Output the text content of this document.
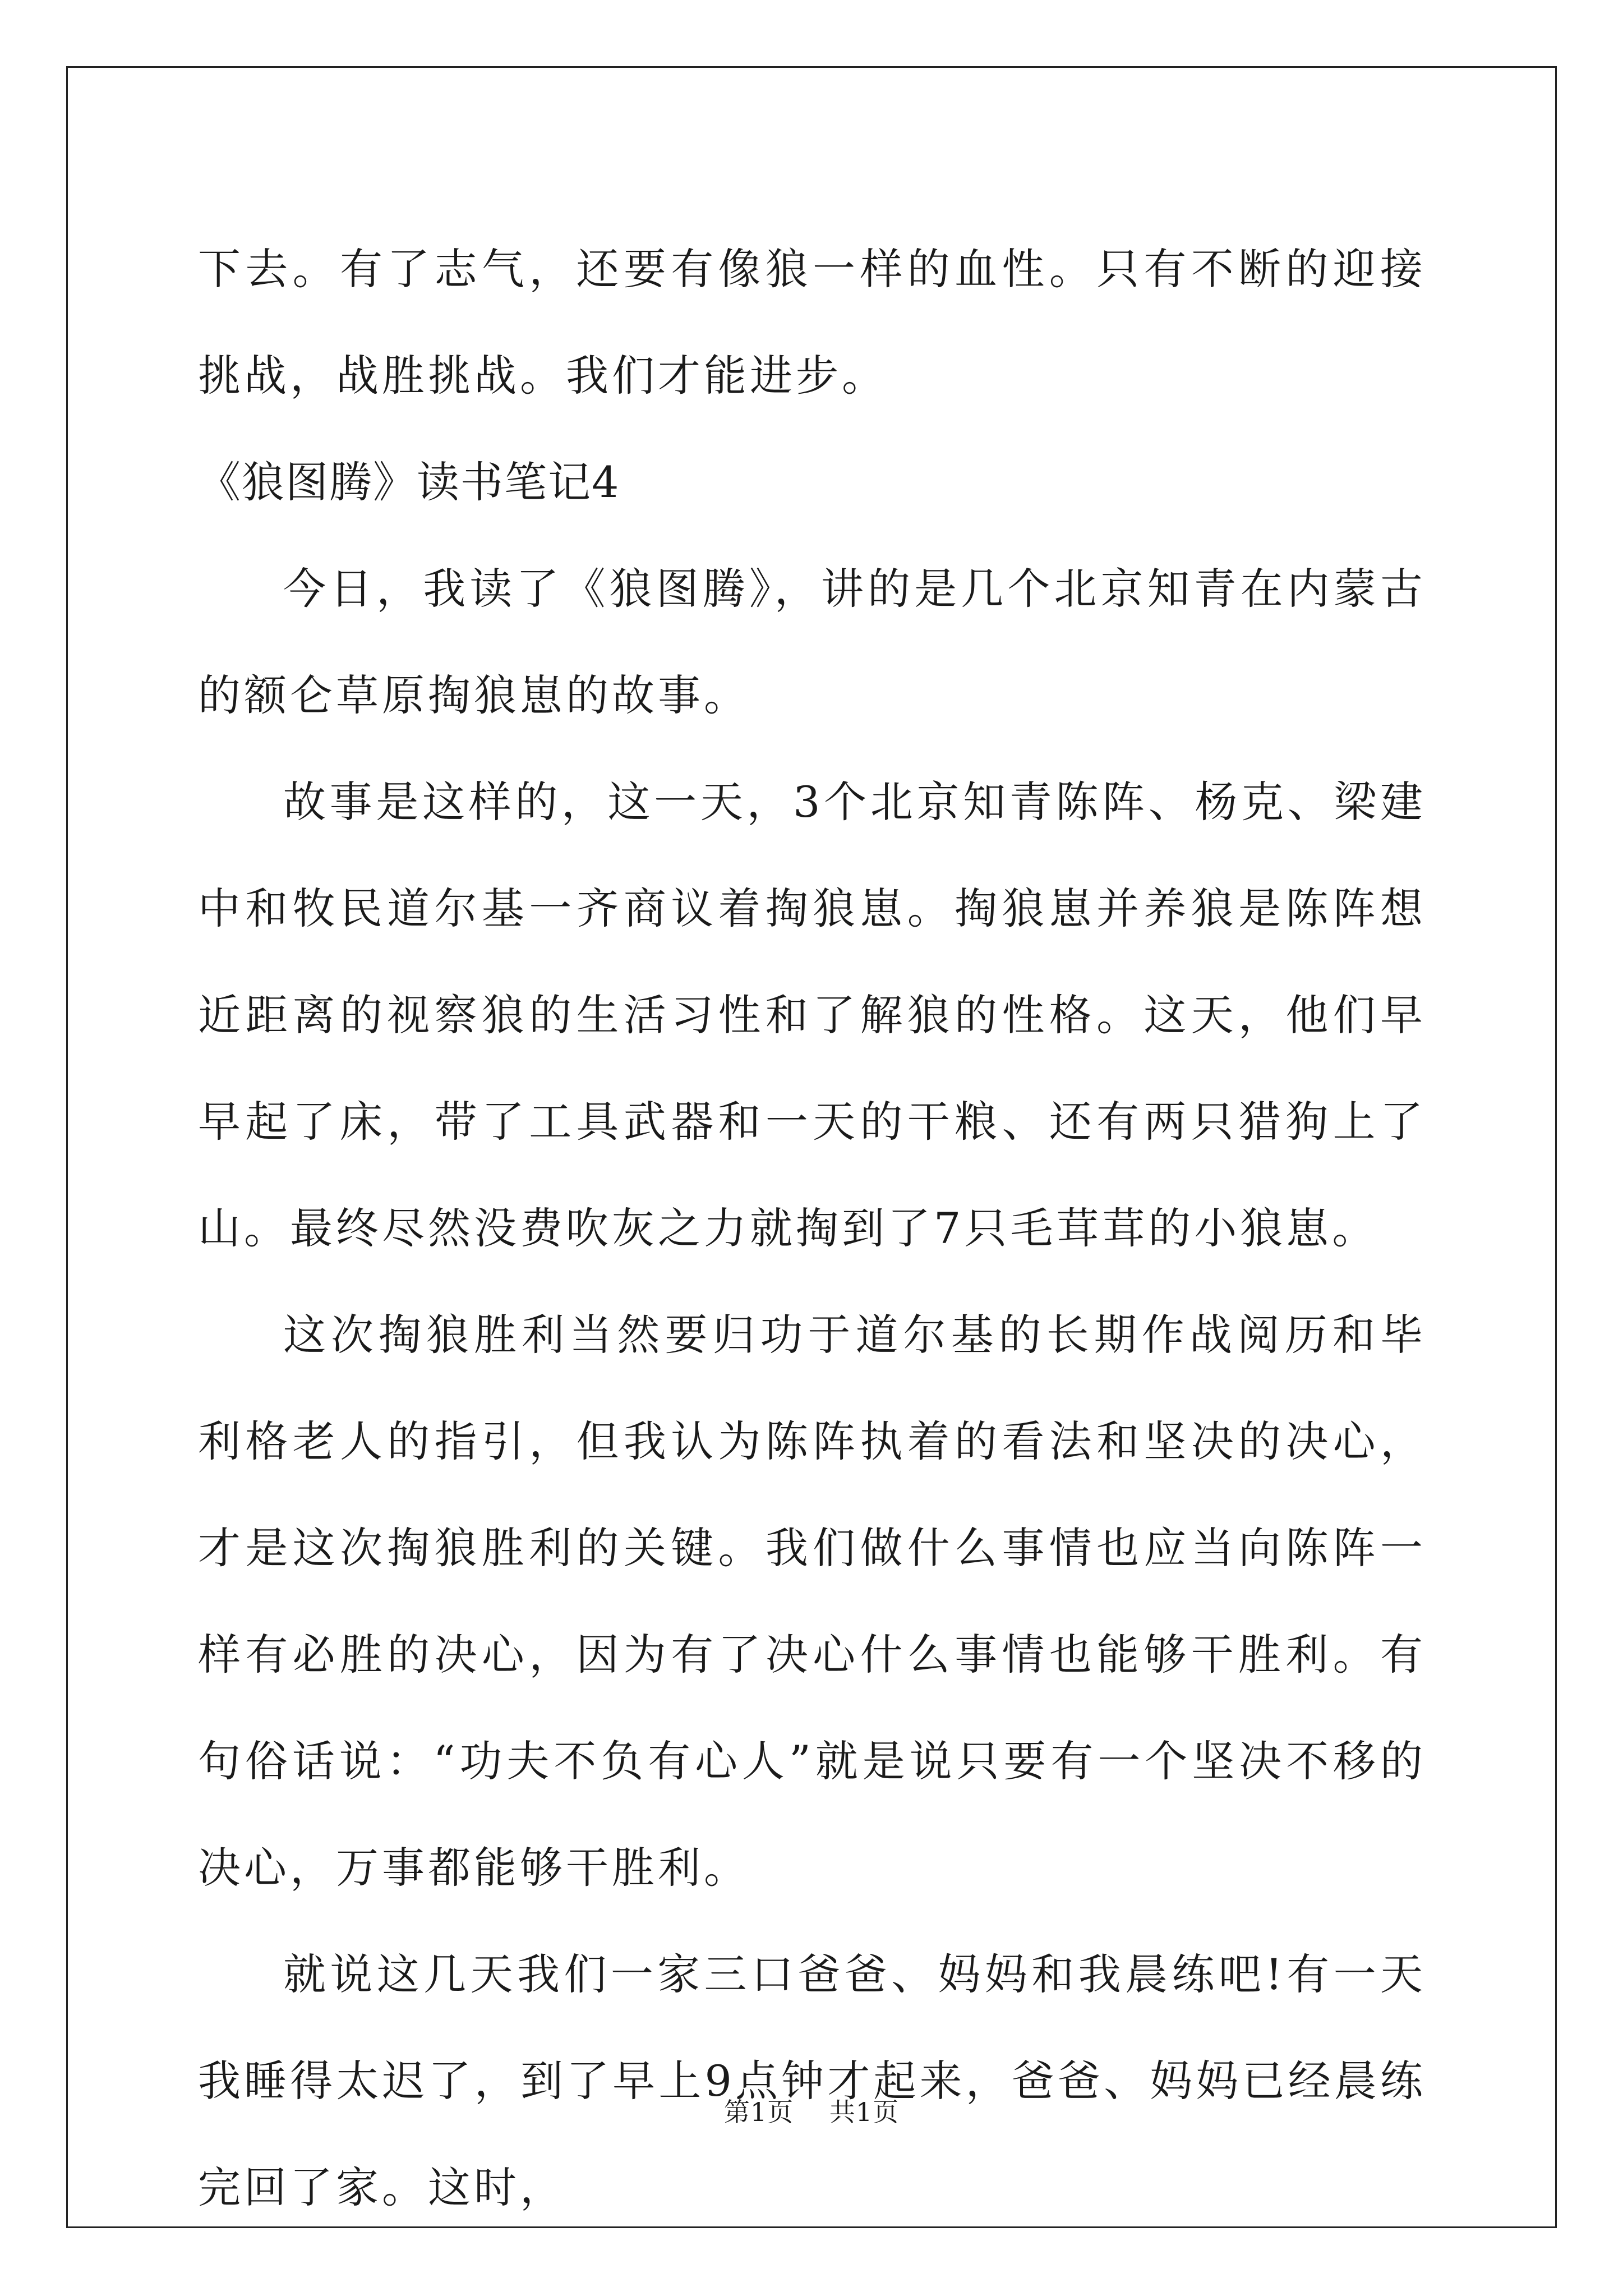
下去。有了志气，还要有像狼一样的血性。只有不断的迎接挑战，战胜挑战。我们才能进步。

《狼图腾》读书笔记4

今日，我读了《狼图腾》，讲的是几个北京知青在内蒙古的额仑草原掏狼崽的故事。

故事是这样的，这一天，3个北京知青陈阵、杨克、梁建中和牧民道尔基一齐商议着掏狼崽。掏狼崽并养狼是陈阵想近距离的视察狼的生活习性和了解狼的性格。这天，他们早早起了床，带了工具武器和一天的干粮、还有两只猎狗上了山。最终尽然没费吹灰之力就掏到了7只毛茸茸的小狼崽。

这次掏狼胜利当然要归功于道尔基的长期作战阅历和毕利格老人的指引，但我认为陈阵执着的看法和坚决的决心，才是这次掏狼胜利的关键。我们做什么事情也应当向陈阵一样有必胜的决心，因为有了决心什么事情也能够干胜利。有句俗话说：“功夫不负有心人”就是说只要有一个坚决不移的决心，万事都能够干胜利。

就说这几天我们一家三口爸爸、妈妈和我晨练吧!有一天我睡得太迟了，到了早上9点钟才起来，爸爸、妈妈已经晨练完回了家。这时，

第1页 共1页
